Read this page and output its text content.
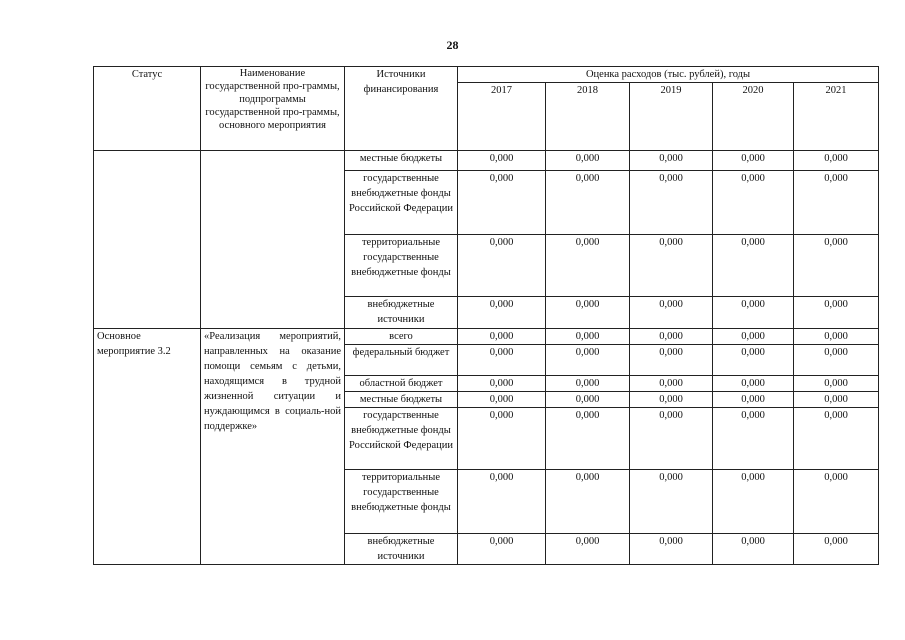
28
Статус	Наименование государственной про-граммы, подпрограммы государственной про-граммы, основного мероприятия	Источники финансирования	Оценка расходов (тыс. рублей), годы				
			2017	2018	2019	2020	2021
		местные бюджеты	0,000	0,000	0,000	0,000	0,000
		государственные внебюджетные фонды Российской Федерации	0,000	0,000	0,000	0,000	0,000
		территориальные государственные внебюджетные фонды	0,000	0,000	0,000	0,000	0,000
		внебюджетные источники	0,000	0,000	0,000	0,000	0,000
Основное мероприятие 3.2	«Реализация мероприятий, направленных на оказание помощи семьям с детьми, находящимся в трудной жизненной ситуации и нуждающимся в социаль-ной поддержке»	всего	0,000	0,000	0,000	0,000	0,000
		федеральный бюджет	0,000	0,000	0,000	0,000	0,000
		областной бюджет	0,000	0,000	0,000	0,000	0,000
		местные бюджеты	0,000	0,000	0,000	0,000	0,000
		государственные внебюджетные фонды Российской Федерации	0,000	0,000	0,000	0,000	0,000
		территориальные государственные внебюджетные фонды	0,000	0,000	0,000	0,000	0,000
		внебюджетные источники	0,000	0,000	0,000	0,000	0,000
